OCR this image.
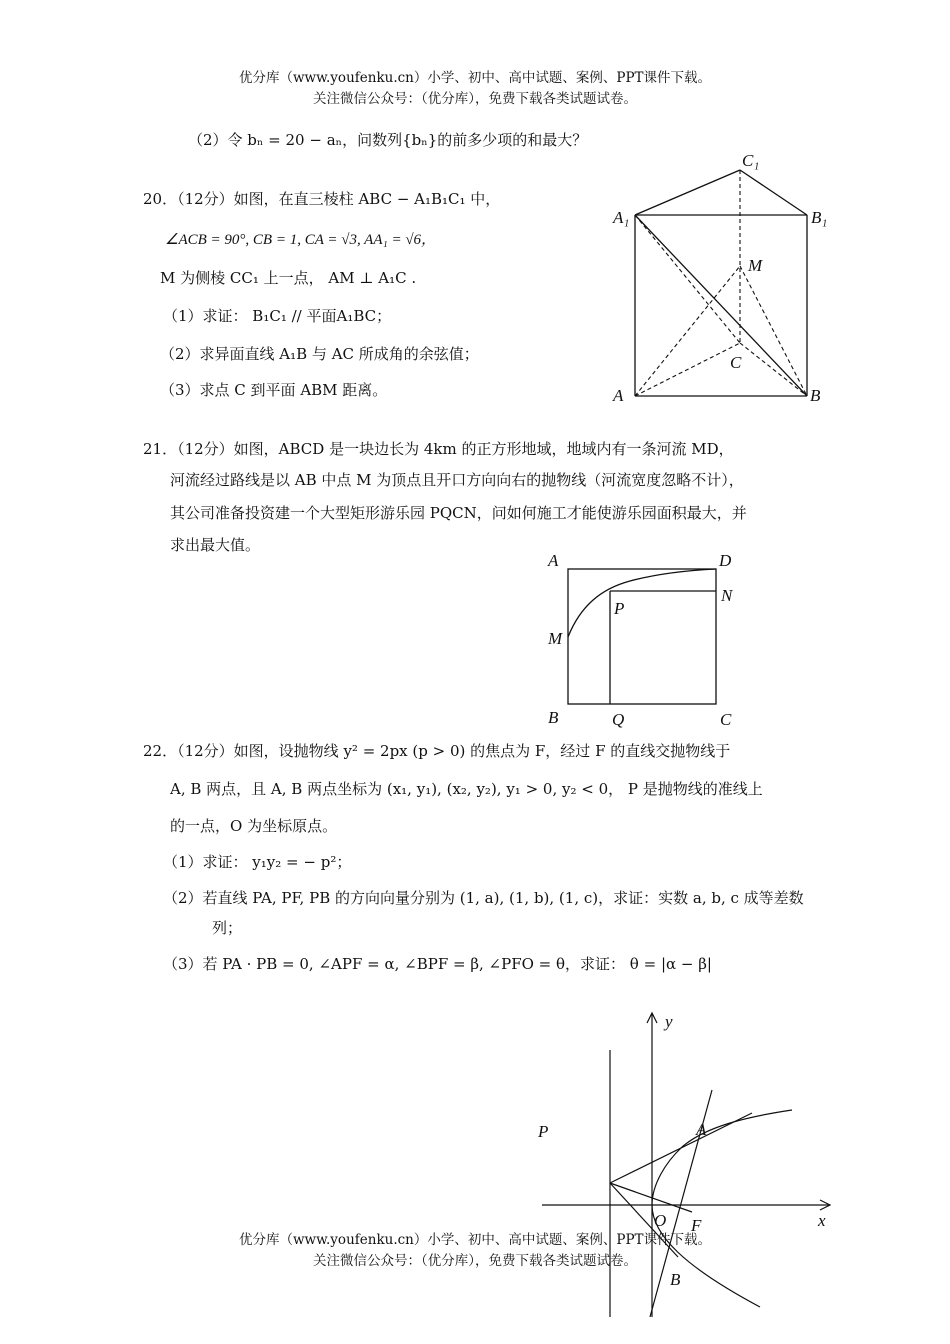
优分库（www.youfenku.cn）小学、初中、高中试题、案例、PPT课件下载。
关注微信公众号：（优分库），免费下载各类试题试卷。
（2）令 bₙ = 20 − aₙ，问数列{bₙ}的前多少项的和最大？
20．（12分）如图，在直三棱柱 ABC − A₁B₁C₁ 中，
∠ACB = 90°, CB = 1, CA = √3, AA₁ = √6，
M 为侧棱 CC₁ 上一点， AM ⊥ A₁C .
（1）求证： B₁C₁ // 平面A₁BC；
（2）求异面直线 A₁B 与 AC 所成角的余弦值；
（3）求点 C 到平面 ABM 距离。
C₁
A₁	B₁
M
C
A	B
21．（12分）如图，ABCD 是一块边长为 4km 的正方形地域，地域内有一条河流 MD，
河流经过路线是以 AB 中点 M 为顶点且开口方向向右的抛物线（河流宽度忽略不计），
其公司准备投资建一个大型矩形游乐园 PQCN，问如何施工才能使游乐园面积最大，并
求出最大值。
A	D
N
P
M
B	Q	C
22．（12分）如图，设抛物线 y² = 2px (p > 0) 的焦点为 F，经过 F 的直线交抛物线于
A, B 两点，且 A, B 两点坐标为 (x₁, y₁), (x₂, y₂), y₁ > 0, y₂ < 0， P 是抛物线的准线上
的一点，O 为坐标原点。
（1）求证： y₁y₂ = − p²；
（2）若直线 PA, PF, PB 的方向向量分别为 (1, a), (1, b), (1, c)，求证：实数 a, b, c 成等差数
列；
（3）若 PA · PB = 0, ∠APF = α, ∠BPF = β, ∠PFO = θ，求证： θ = |α − β|
y
x
P	A
O F
B
优分库（www.youfenku.cn）小学、初中、高中试题、案例、PPT课件下载。
关注微信公众号：（优分库），免费下载各类试题试卷。
